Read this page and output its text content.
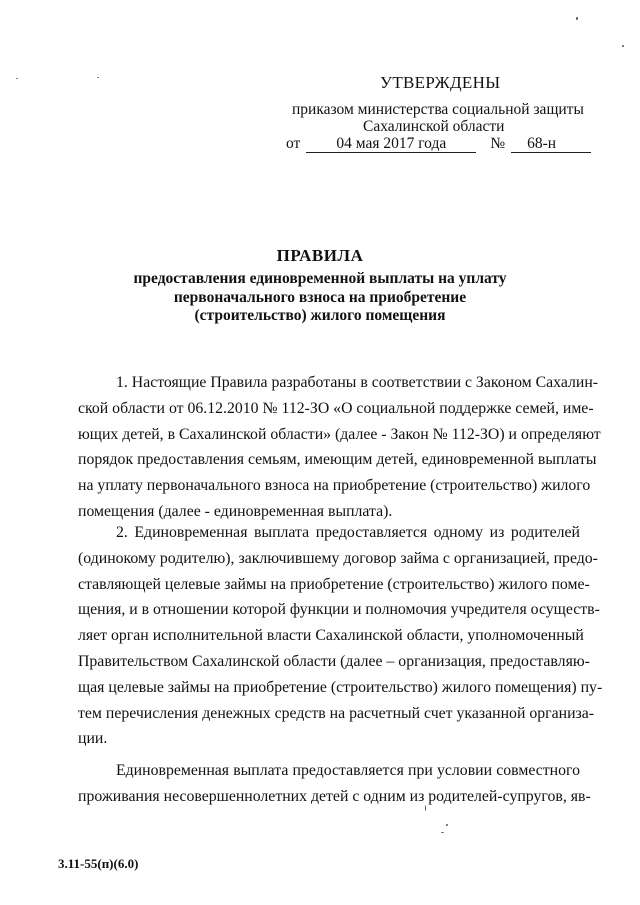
УТВЕРЖДЕНЫ
приказом министерства социальной защиты
Сахалинской области
от 04 мая 2017 года	№ 68-н
ПРАВИЛА
предоставления единовременной выплаты на уплату
первоначального взноса на приобретение
(строительство) жилого помещения
1. Настоящие Правила разработаны в соответствии с Законом Сахалин-
ской области от 06.12.2010 № 112-ЗО «О социальной поддержке семей, име-
ющих детей, в Сахалинской области» (далее - Закон № 112-ЗО) и определяют
порядок предоставления семьям, имеющим детей, единовременной выплаты
на уплату первоначального взноса на приобретение (строительство) жилого
помещения (далее - единовременная выплата).
2. Единовременная выплата предоставляется одному из родителей
(одинокому родителю), заключившему договор займа с организацией, предо-
ставляющей целевые займы на приобретение (строительство) жилого поме-
щения, и в отношении которой функции и полномочия учредителя осуществ-
ляет орган исполнительной власти Сахалинской области, уполномоченный
Правительством Сахалинской области (далее – организация, предоставляю-
щая целевые займы на приобретение (строительство) жилого помещения) пу-
тем перечисления денежных средств на расчетный счет указанной организа-
ции.
Единовременная выплата предоставляется при условии совместного
проживания несовершеннолетних детей с одним из родителей-супругов, яв-
3.11-55(п)(6.0)
